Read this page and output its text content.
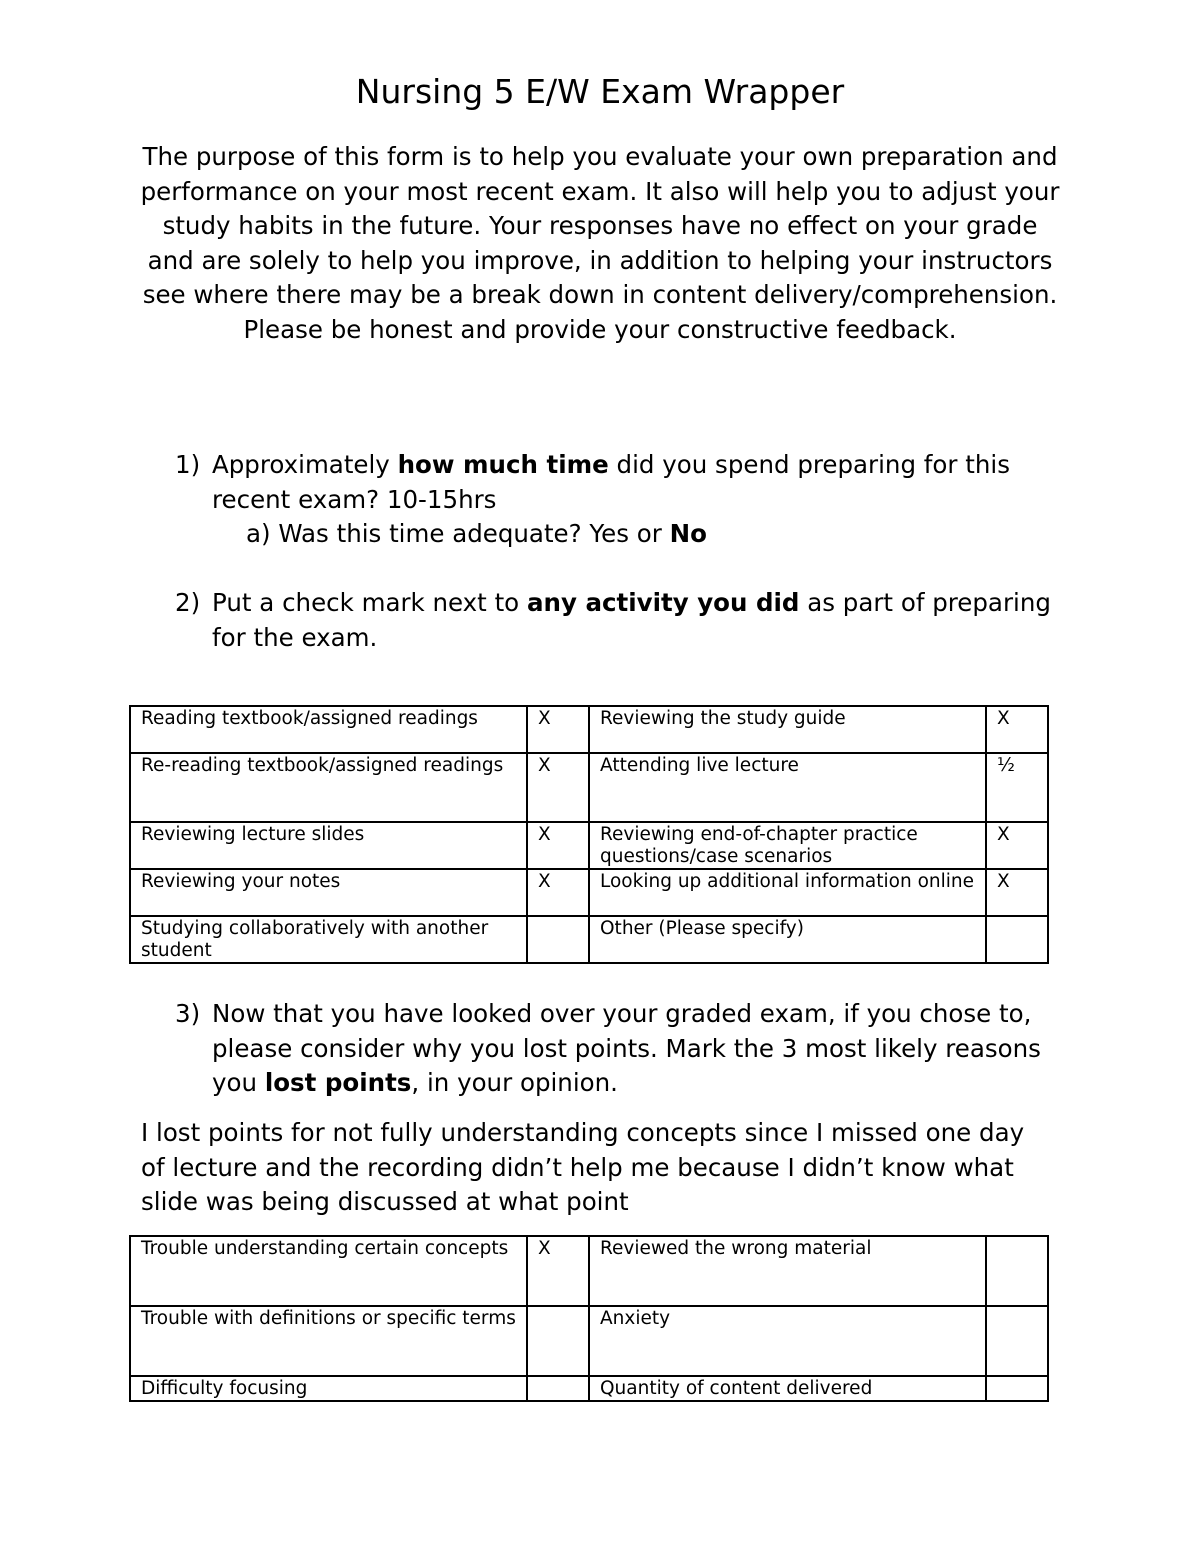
Nursing 5 E/W Exam Wrapper
The purpose of this form is to help you evaluate your own preparation and performance on your most recent exam. It also will help you to adjust your study habits in the future. Your responses have no effect on your grade and are solely to help you improve, in addition to helping your instructors see where there may be a break down in content delivery/comprehension. Please be honest and provide your constructive feedback.
1) Approximately how much time did you spend preparing for this recent exam? 10-15hrs
a) Was this time adequate? Yes or No
2) Put a check mark next to any activity you did as part of preparing for the exam.
Reading textbook/assigned readings	X	Reviewing the study guide	X
Re-reading textbook/assigned readings	X	Attending live lecture	½
Reviewing lecture slides	X	Reviewing end-of-chapter practice questions/case scenarios	X
Reviewing your notes	X	Looking up additional information online	X
Studying collaboratively with another student		Other (Please specify)	
3) Now that you have looked over your graded exam, if you chose to, please consider why you lost points. Mark the 3 most likely reasons you lost points, in your opinion.
I lost points for not fully understanding concepts since I missed one day of lecture and the recording didn’t help me because I didn’t know what slide was being discussed at what point
Trouble understanding certain concepts	X	Reviewed the wrong material	
Trouble with definitions or specific terms		Anxiety	
Difficulty focusing		Quantity of content delivered	
